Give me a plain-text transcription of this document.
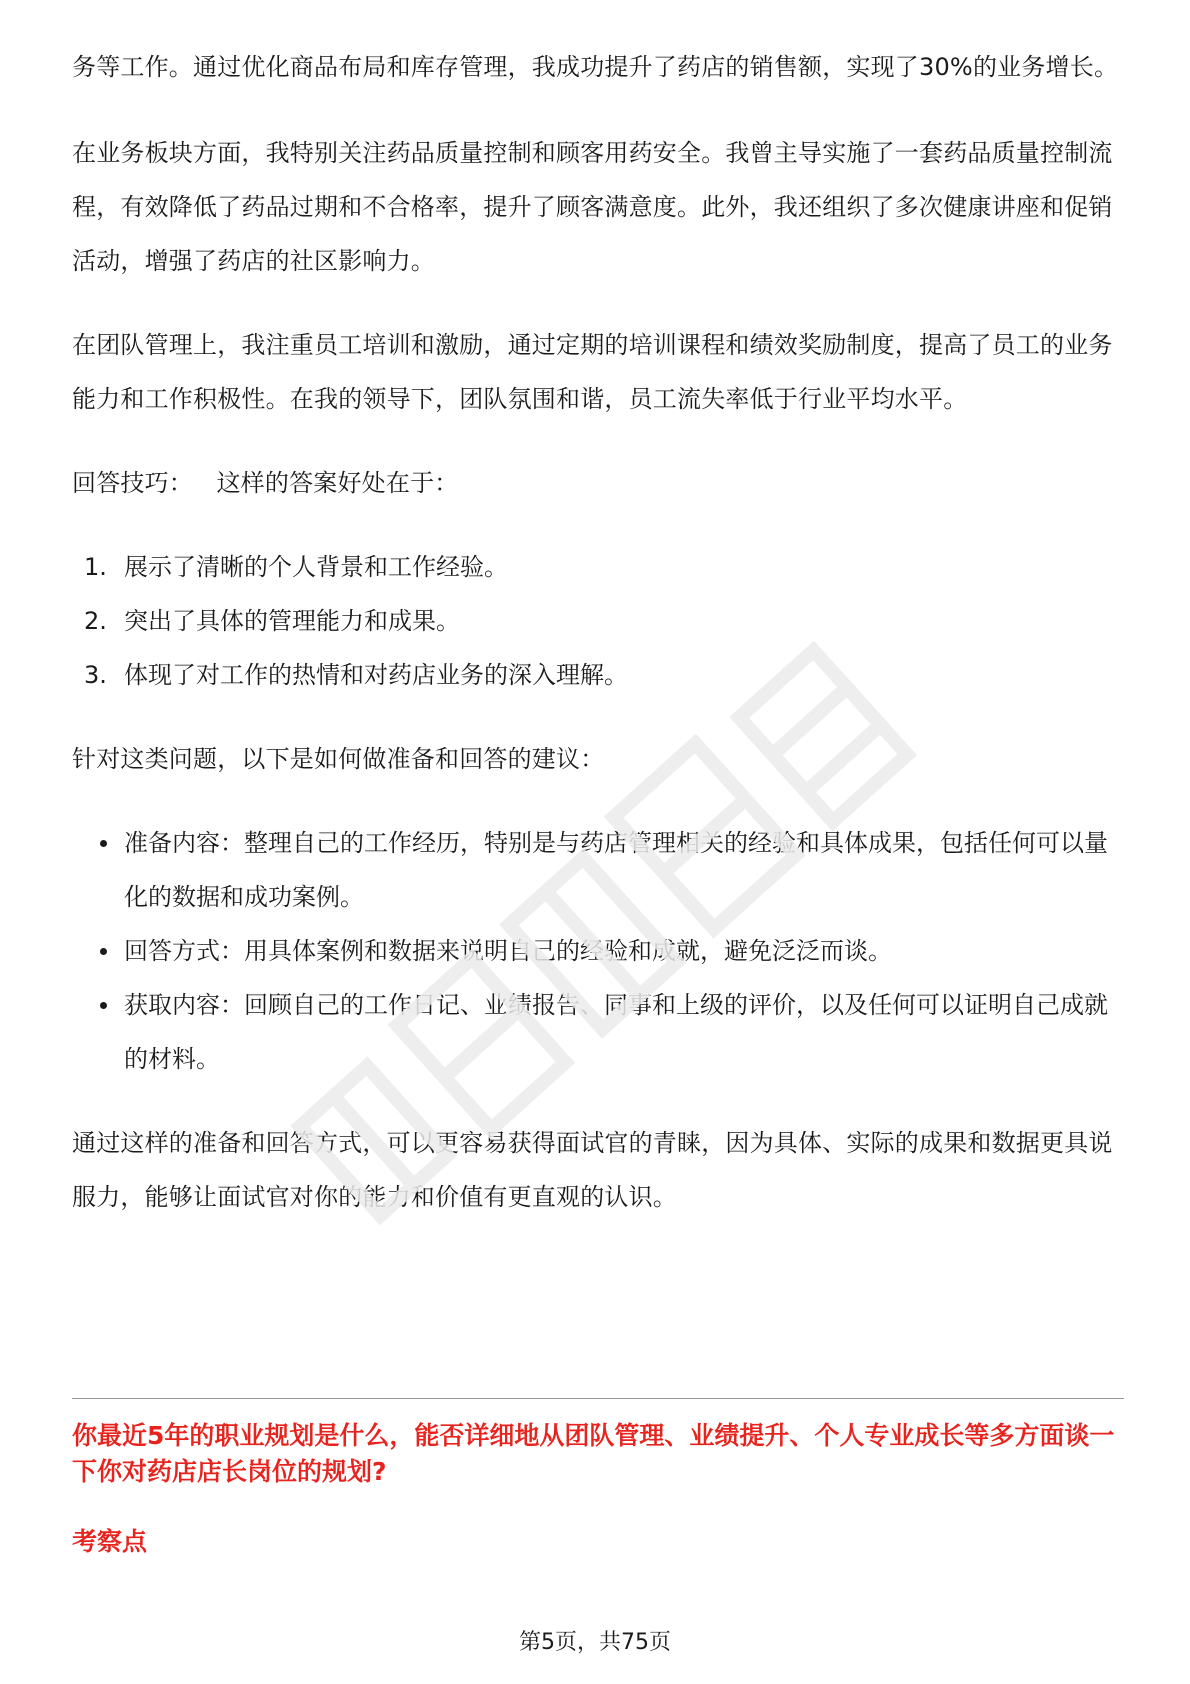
务等工作。通过优化商品布局和库存管理，我成功提升了药店的销售额，实现了30%的业务增长。

在业务板块方面，我特别关注药品质量控制和顾客用药安全。我曾主导实施了一套药品质量控制流程，有效降低了药品过期和不合格率，提升了顾客满意度。此外，我还组织了多次健康讲座和促销活动，增强了药店的社区影响力。

在团队管理上，我注重员工培训和激励，通过定期的培训课程和绩效奖励制度，提高了员工的业务能力和工作积极性。在我的领导下，团队氛围和谐，员工流失率低于行业平均水平。

回答技巧：   这样的答案好处在于：

1. 展示了清晰的个人背景和工作经验。
2. 突出了具体的管理能力和成果。
3. 体现了对工作的热情和对药店业务的深入理解。

针对这类问题，以下是如何做准备和回答的建议：

准备内容：整理自己的工作经历，特别是与药店管理相关的经验和具体成果，包括任何可以量化的数据和成功案例。
回答方式：用具体案例和数据来说明自己的经验和成就，避免泛泛而谈。
获取内容：回顾自己的工作日记、业绩报告、同事和上级的评价，以及任何可以证明自己成就的材料。

通过这样的准备和回答方式，可以更容易获得面试官的青睐，因为具体、实际的成果和数据更具说服力，能够让面试官对你的能力和价值有更直观的认识。

你最近5年的职业规划是什么，能否详细地从团队管理、业绩提升、个人专业成长等多方面谈一下你对药店店长岗位的规划?
考察点
第5页，共75页
